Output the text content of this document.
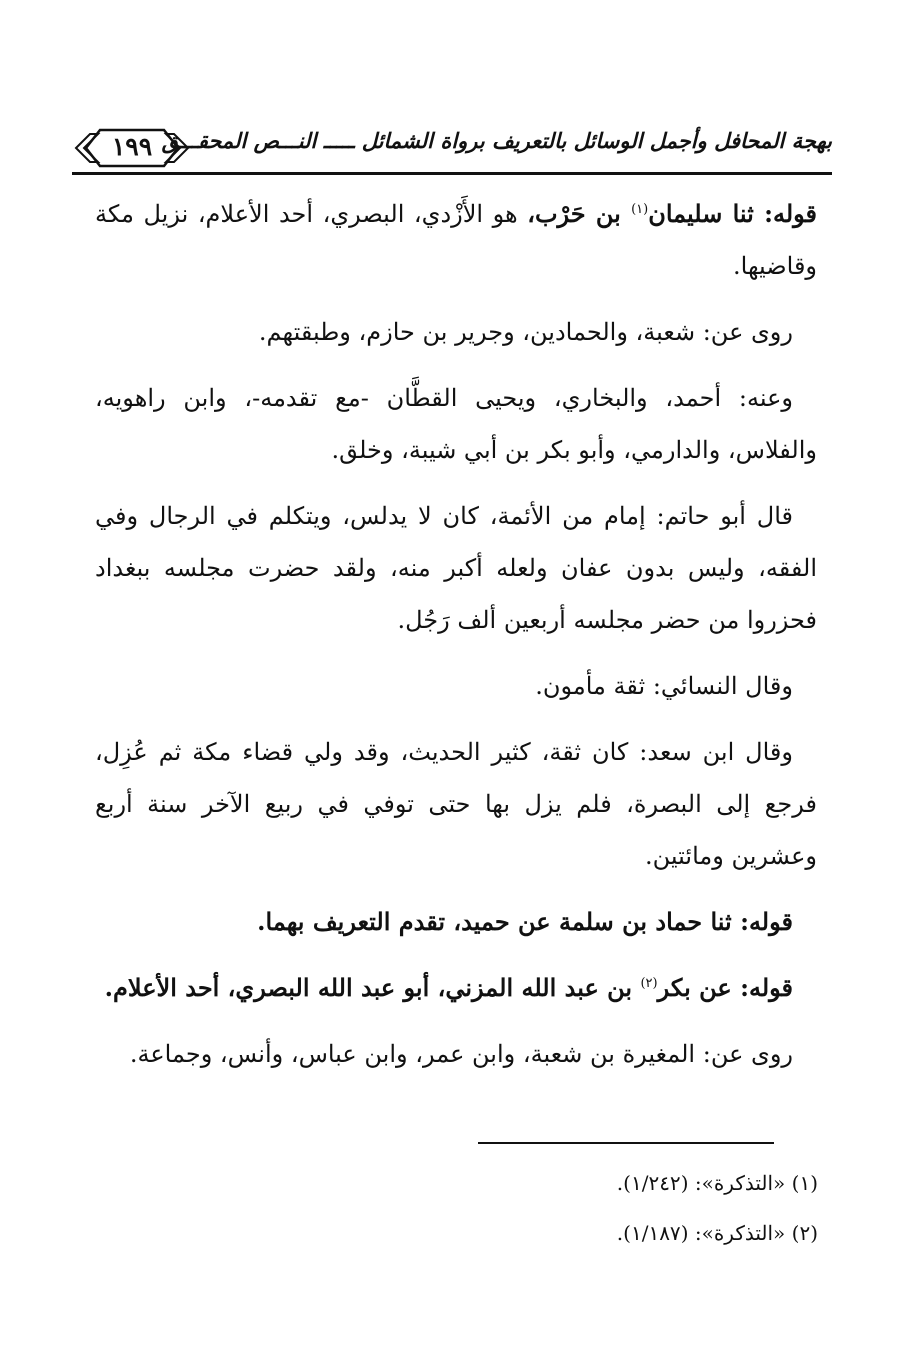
١٩٩ بهجة المحافل وأجمل الوسائل بالتعريف برواة الشمائل ـــــ النـــص المحقـــق

قوله: ثنا سليمان$^{(١)}$ بن حَرْب، هو الأَزْدي، البصري، أحد الأعلام، نزيل مكة وقاضيها.

روى عن: شعبة، والحمادين، وجرير بن حازم، وطبقتهم.

وعنه: أحمد، والبخاري، ويحيى القطَّان -مع تقدمه-، وابن راهويه، والفلاس، والدارمي، وأبو بكر بن أبي شيبة، وخلق.

قال أبو حاتم: إمام من الأئمة، كان لا يدلس، ويتكلم في الرجال وفي الفقه، وليس بدون عفان ولعله أكبر منه، ولقد حضرت مجلسه ببغداد فحزروا من حضر مجلسه أربعين ألف رَجُل.

وقال النسائي: ثقة مأمون.

وقال ابن سعد: كان ثقة، كثير الحديث، وقد ولي قضاء مكة ثم عُزِل، فرجع إلى البصرة، فلم يزل بها حتى توفي في ربيع الآخر سنة أربع وعشرين ومائتين.

قوله: ثنا حماد بن سلمة عن حميد، تقدم التعريف بهما.

قوله: عن بكر$^{(٢)}$ بن عبد الله المزني، أبو عبد الله البصري، أحد الأعلام.

روى عن: المغيرة بن شعبة، وابن عمر، وابن عباس، وأنس، وجماعة.

(١) «التذكرة»: (١/٢٤٢).
(٢) «التذكرة»: (١/١٨٧).
